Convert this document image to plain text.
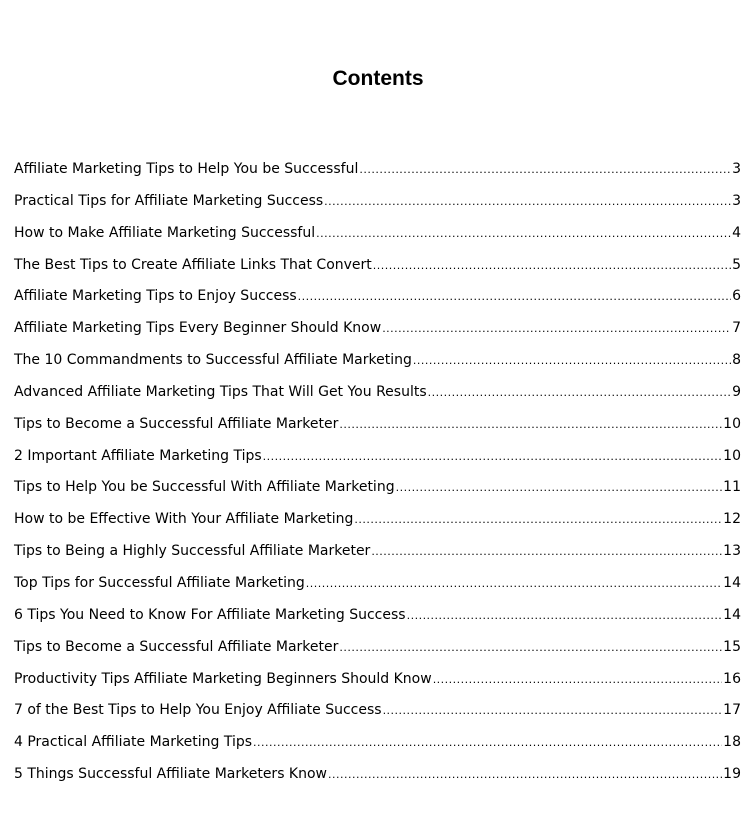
Contents
Affiliate Marketing Tips to Help You be Successful .....	3
Practical Tips for Affiliate Marketing Success .....	3
How to Make Affiliate Marketing Successful .....	4
The Best Tips to Create Affiliate Links That Convert .....	5
Affiliate Marketing Tips to Enjoy Success .....	6
Affiliate Marketing Tips Every Beginner Should Know .....	7
The 10 Commandments to Successful Affiliate Marketing .....	8
Advanced Affiliate Marketing Tips That Will Get You Results .....	9
Tips to Become a Successful Affiliate Marketer .....	10
2 Important Affiliate Marketing Tips .....	10
Tips to Help You be Successful With Affiliate Marketing .....	11
How to be Effective With Your Affiliate Marketing .....	12
Tips to Being a Highly Successful Affiliate Marketer .....	13
Top Tips for Successful Affiliate Marketing .....	14
6 Tips You Need to Know For Affiliate Marketing Success .....	14
Tips to Become a Successful Affiliate Marketer .....	15
Productivity Tips Affiliate Marketing Beginners Should Know .....	16
7 of the Best Tips to Help You Enjoy Affiliate Success .....	17
4 Practical Affiliate Marketing Tips .....	18
5 Things Successful Affiliate Marketers Know .....	19
